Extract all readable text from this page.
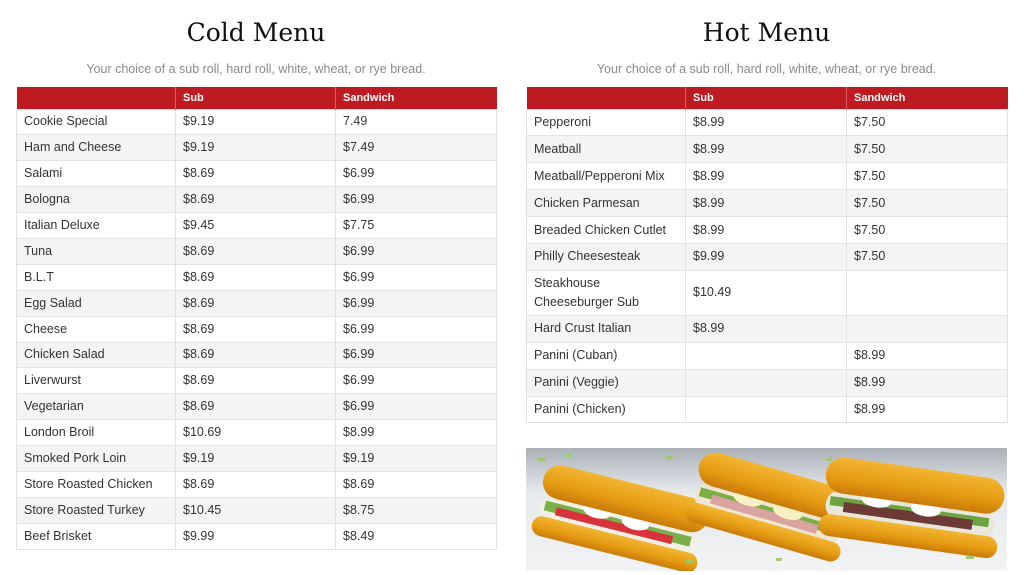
Cold Menu

Your choice of a sub roll, hard roll, white, wheat, or rye bread.

	Sub	Sandwich
Cookie Special	$9.19	7.49
Ham and Cheese	$9.19	$7.49
Salami	$8.69	$6.99
Bologna	$8.69	$6.99
Italian Deluxe	$9.45	$7.75
Tuna	$8.69	$6.99
B.L.T	$8.69	$6.99
Egg Salad	$8.69	$6.99
Cheese	$8.69	$6.99
Chicken Salad	$8.69	$6.99
Liverwurst	$8.69	$6.99
Vegetarian	$8.69	$6.99
London Broil	$10.69	$8.99
Smoked Pork Loin	$9.19	$9.19
Store Roasted Chicken	$8.69	$8.69
Store Roasted Turkey	$10.45	$8.75
Beef Brisket	$9.99	$8.49
Hot Menu

Your choice of a sub roll, hard roll, white, wheat, or rye bread.

	Sub	Sandwich
Pepperoni	$8.99	$7.50
Meatball	$8.99	$7.50
Meatball/Pepperoni Mix	$8.99	$7.50
Chicken Parmesan	$8.99	$7.50
Breaded Chicken Cutlet	$8.99	$7.50
Philly Cheesesteak	$9.99	$7.50
Steakhouse Cheeseburger Sub	$10.49	
Hard Crust Italian	$8.99	
Panini (Cuban)		$8.99
Panini (Veggie)		$8.99
Panini (Chicken)		$8.99
